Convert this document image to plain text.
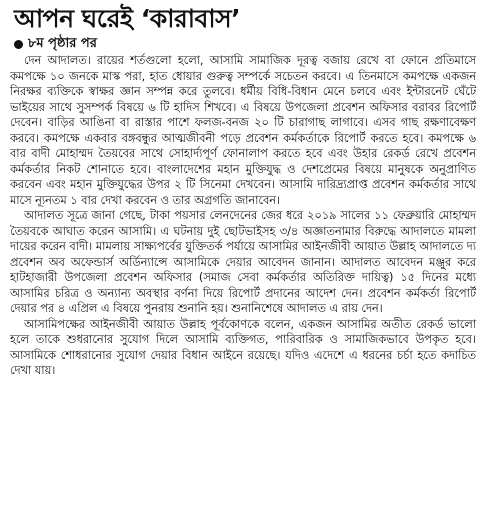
আপন ঘরেই ‘কারাবাস’
৮ম পৃষ্ঠার পর

দেন আদালত। রায়ের শর্তগুলো হলো, আসামি সামাজিক দূরত্ব বজায় রেখে বা ফোনে প্রতিমাসে কমপক্ষে ১০ জনকে মাস্ক পরা, হাত ধোয়ার গুরুত্ব সম্পর্কে সচেতন করবে। এ তিনমাসে কমপক্ষে একজন নিরক্ষর ব্যক্তিকে স্বাক্ষর জ্ঞান সম্পন্ন করে তুলবে। ধর্মীয় বিধি-বিধান মেনে চলবে এবং ইন্টারনেট ঘেঁটে ভাইয়ের সাথে সুসম্পর্ক বিষয়ে ৬ টি হাদিস শিখবে। এ বিষয়ে উপজেলা প্রবেশন অফিসার বরাবর রিপোর্ট দেবেন। বাড়ির আঙিনা বা রাস্তার পাশে ফলজ-বনজ ২০ টি চারাগাছ লাগাবে। এসব গাছ রক্ষণাবেক্ষণ করবে। কমপক্ষে একবার বঙ্গবন্ধুর আত্মজীবনী পড়ে প্রবেশন কর্মকর্তাকে রিপোর্ট করতে হবে। কমপক্ষে ৬ বার বাদী মোহাম্মদ তৈয়বের সাথে সোহার্দ্যপূর্ণ ফোনালাপ করতে হবে এবং উহার রেকর্ড রেখে প্রবেশন কর্মকর্তার নিকট শোনাতে হবে। বাংলাদেশের মহান মুক্তিযুদ্ধ ও দেশপ্রেমের বিষয়ে মানুষকে অনুপ্রাণিত করবেন এবং মহান মুক্তিযুদ্ধের উপর ২ টি সিনেমা দেখবেন। আসামি দারিদ্র্যপ্রাপ্ত প্রবেশন কর্মকর্তার সাথে মাসে ন্যূনতম ১ বার দেখা করবেন ও তার অগ্রগতি জানাবেন।

আদালত সূত্রে জানা গেছে, টাকা পয়সার লেনদেনের জের ধরে ২০১৯ সালের ১১ ফেব্রুয়ারি মোহাম্মদ তৈয়বকে আঘাত করেন আসামি। এ ঘটনায় দুই ছোটভাইসহ ৩/৪ অজ্ঞাতনামার বিরুদ্ধে আদালতে মামলা দায়ের করেন বাদী। মামলায় সাক্ষ্যপর্বের যুক্তিতর্ক পর্যায়ে আসামির আইনজীবী আয়াত উল্লাহ আদালতে দ্য প্রবেশন অব অফেন্ডার্স অর্ডিন্যান্সে আসামিকে দেয়ার আবেদন জানান। আদালত আবেদন মঞ্জুর করে হাটহাজারী উপজেলা প্রবেশন অফিসার (সমাজ সেবা কর্মকর্তার অতিরিক্ত দায়িত্ব) ১৫ দিনের মধ্যে আসামির চরিত্র ও অন্যান্য অবস্থার বর্ণনা দিয়ে রিপোর্ট প্রদানের আদেশ দেন। প্রবেশন কর্মকর্তা রিপোর্ট দেয়ার পর ৪ এপ্রিল এ বিষয়ে পুনরায় শুনানি হয়। শুনানিশেষে আদালত এ রায় দেন।

আসামিপক্ষের আইনজীবী আয়াত উল্লাহ পূর্বকোণকে বলেন, একজন আসামির অতীত রেকর্ড ভালো হলে তাকে শুধরানোর সুযোগ দিলে আসামি ব্যক্তিগত, পারিবারিক ও সামাজিকভাবে উপকৃত হবে। আসামিকে শোধরানোর সুযোগ দেয়ার বিধান আইনে রয়েছে। যদিও এদেশে এ ধরনের চর্চা হতে কদাচিত দেখা যায়।
